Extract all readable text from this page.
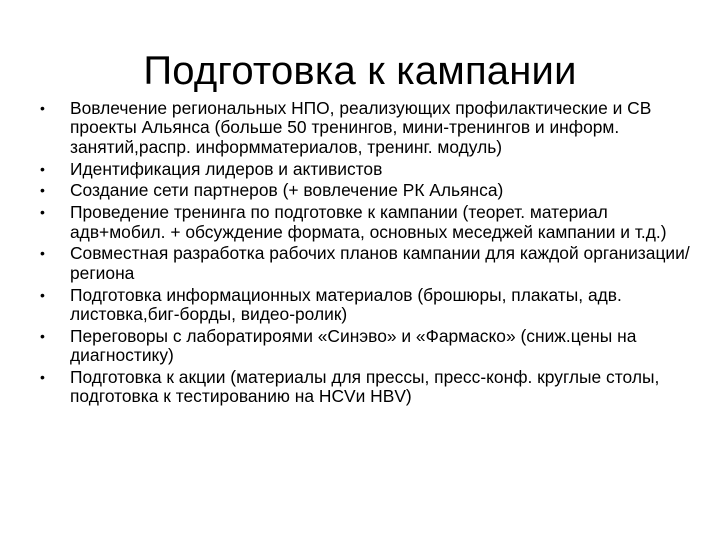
Подготовка к кампании
•	Вовлечение региональных НПО, реализующих профилактические и СВ проекты Альянса (больше 50 тренингов, мини-тренингов и информ. занятий,распр. информматериалов, тренинг. модуль)
•	Идентификация лидеров и активистов
•	Создание сети партнеров (+ вовлечение РК Альянса)
•	Проведение тренинга по подготовке к кампании (теорет. материал адв+мобил. + обсуждение формата, основных меседжей кампании и т.д.)
•	Совместная разработка рабочих планов кампании для каждой организации/региона
•	Подготовка информационных материалов (брошюры, плакаты, адв. листовка,биг-борды, видео-ролик)
•	Переговоры с лаборатироями «Синэво» и «Фармаско» (сниж.цены на диагностику)
•	Подготовка к акции (материалы для прессы, пресс-конф. круглые столы, подготовка к тестированию на HCVи HBV)
